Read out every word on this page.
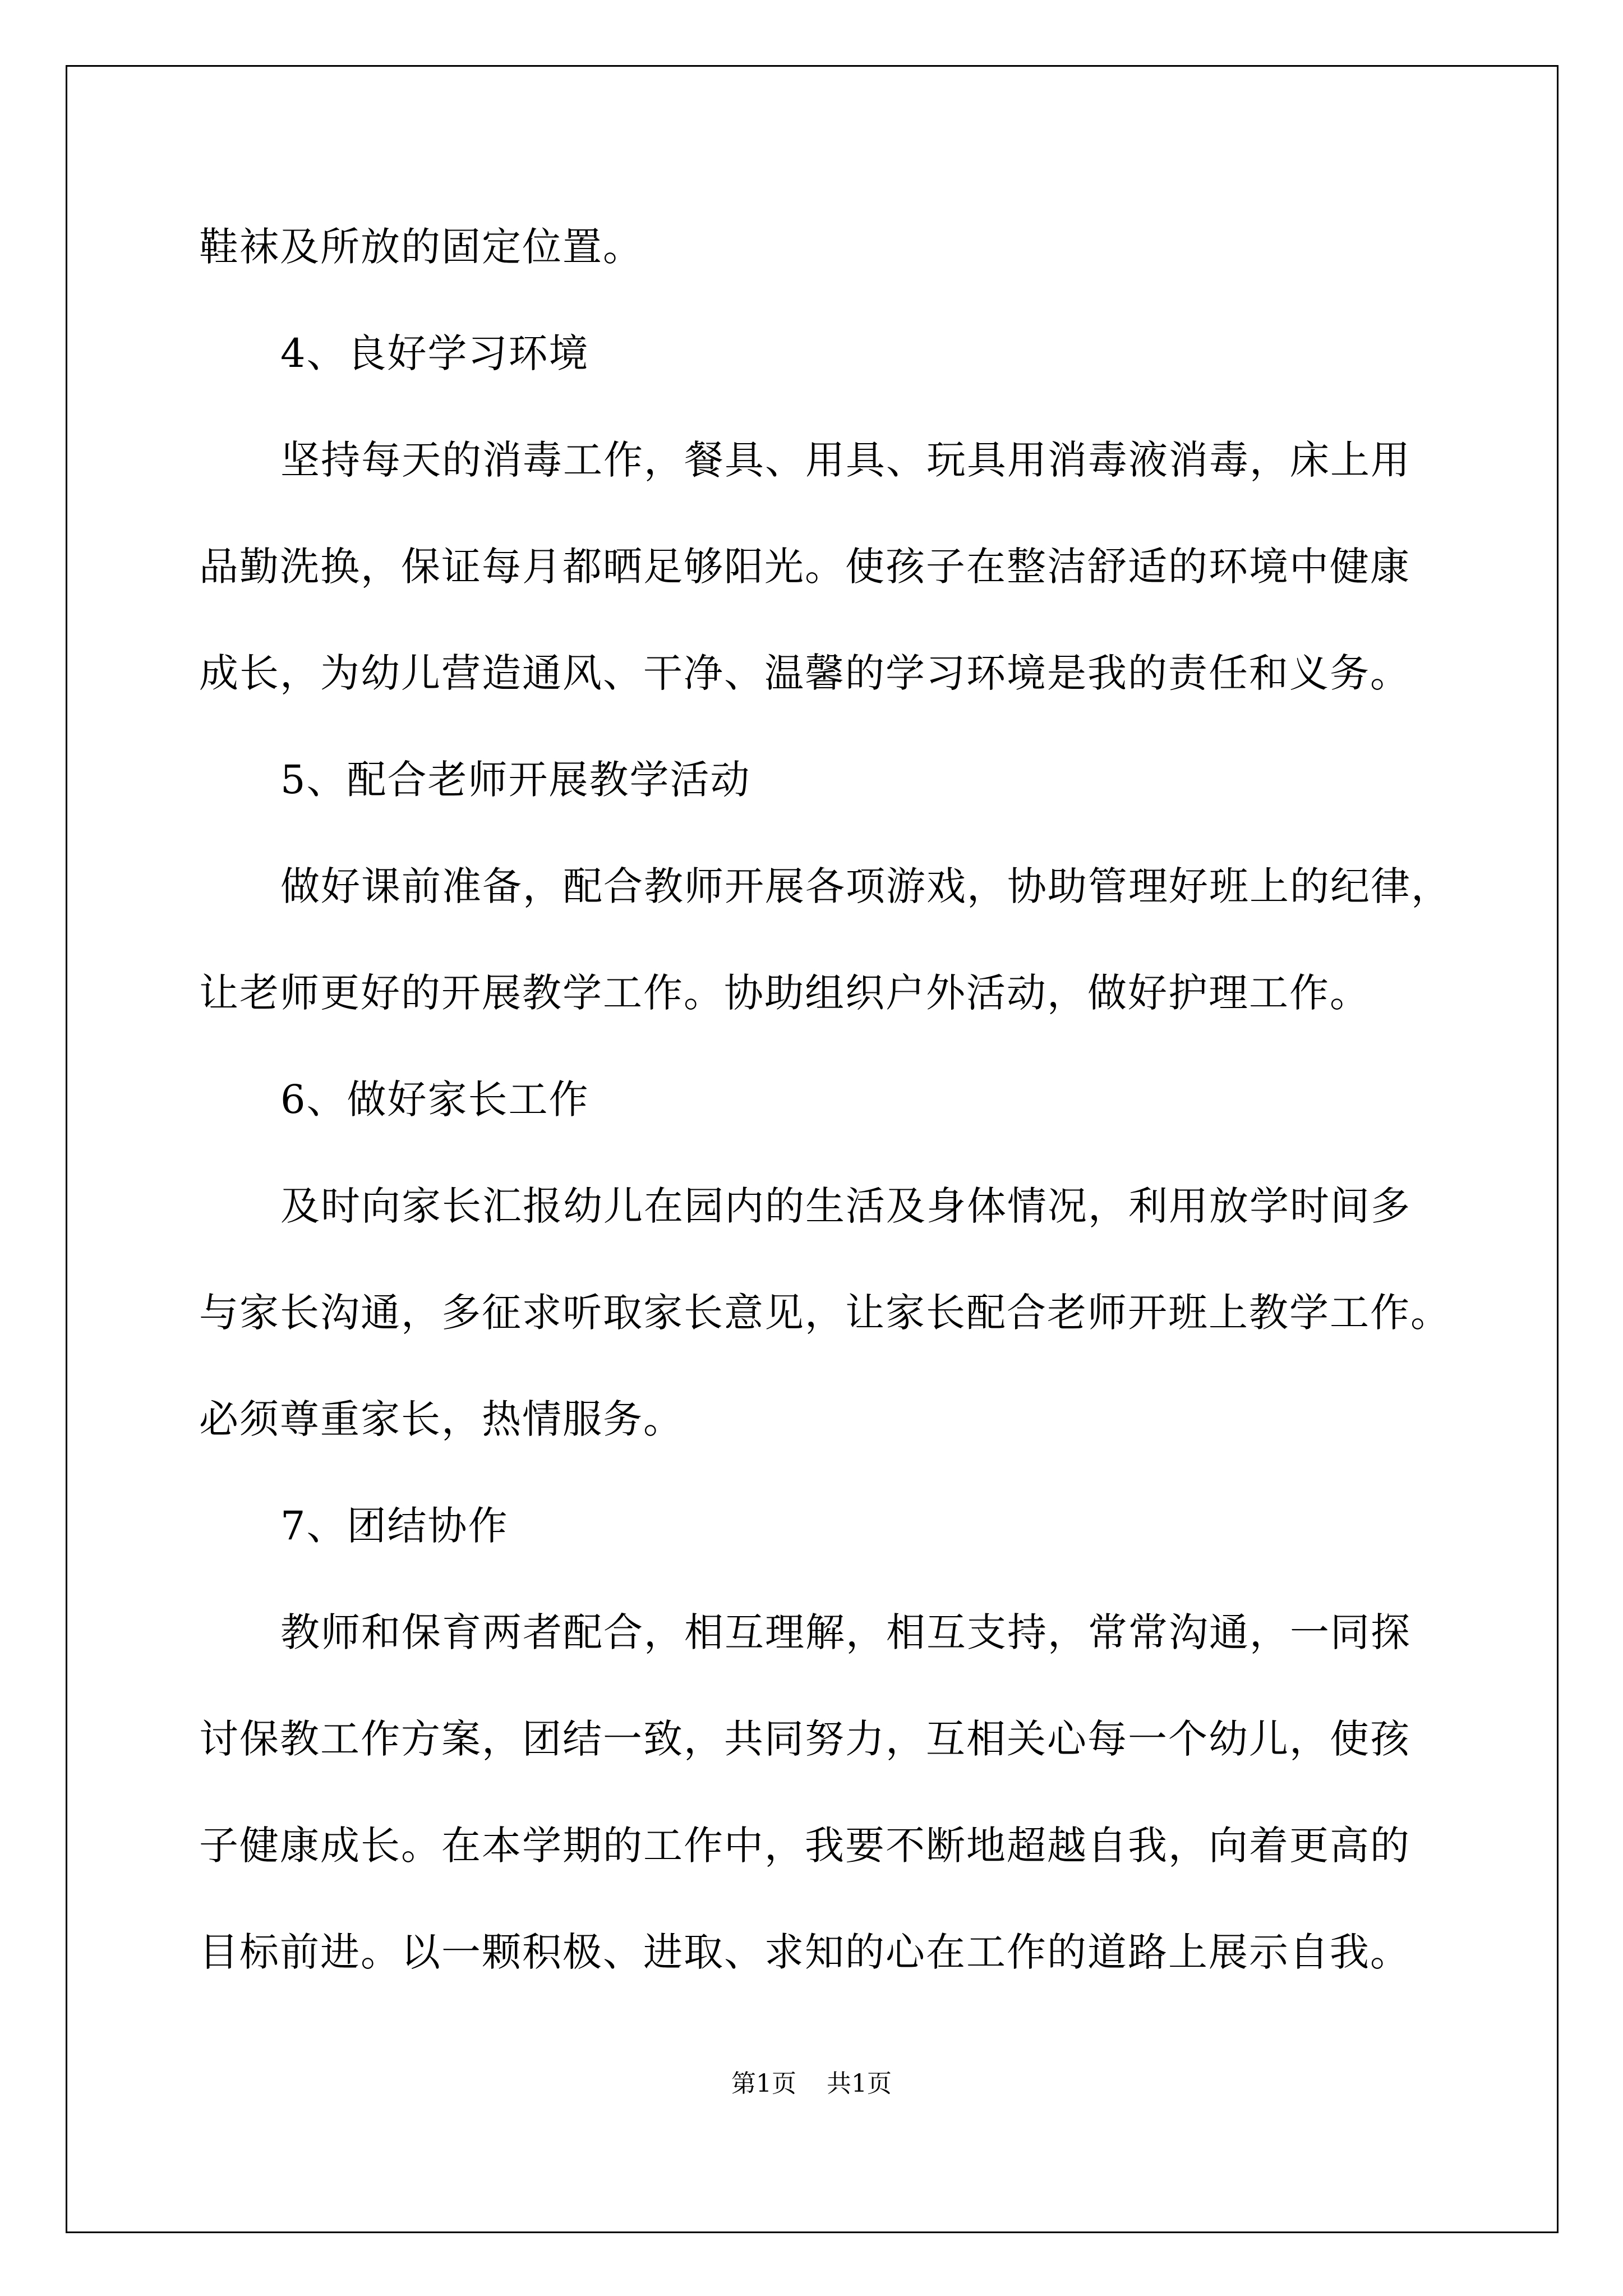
鞋袜及所放的固定位置。
4、良好学习环境
坚持每天的消毒工作，餐具、用具、玩具用消毒液消毒，床上用
品勤洗换，保证每月都晒足够阳光。使孩子在整洁舒适的环境中健康
成长，为幼儿营造通风、干净、温馨的学习环境是我的责任和义务。
5、配合老师开展教学活动
做好课前准备，配合教师开展各项游戏，协助管理好班上的纪律，
让老师更好的开展教学工作。协助组织户外活动，做好护理工作。
6、做好家长工作
及时向家长汇报幼儿在园内的生活及身体情况，利用放学时间多
与家长沟通，多征求听取家长意见，让家长配合老师开班上教学工作。
必须尊重家长，热情服务。
7、团结协作
教师和保育两者配合，相互理解，相互支持，常常沟通，一同探
讨保教工作方案，团结一致，共同努力，互相关心每一个幼儿，使孩
子健康成长。在本学期的工作中，我要不断地超越自我，向着更高的
目标前进。以一颗积极、进取、求知的心在工作的道路上展示自我。
第1页 共1页
